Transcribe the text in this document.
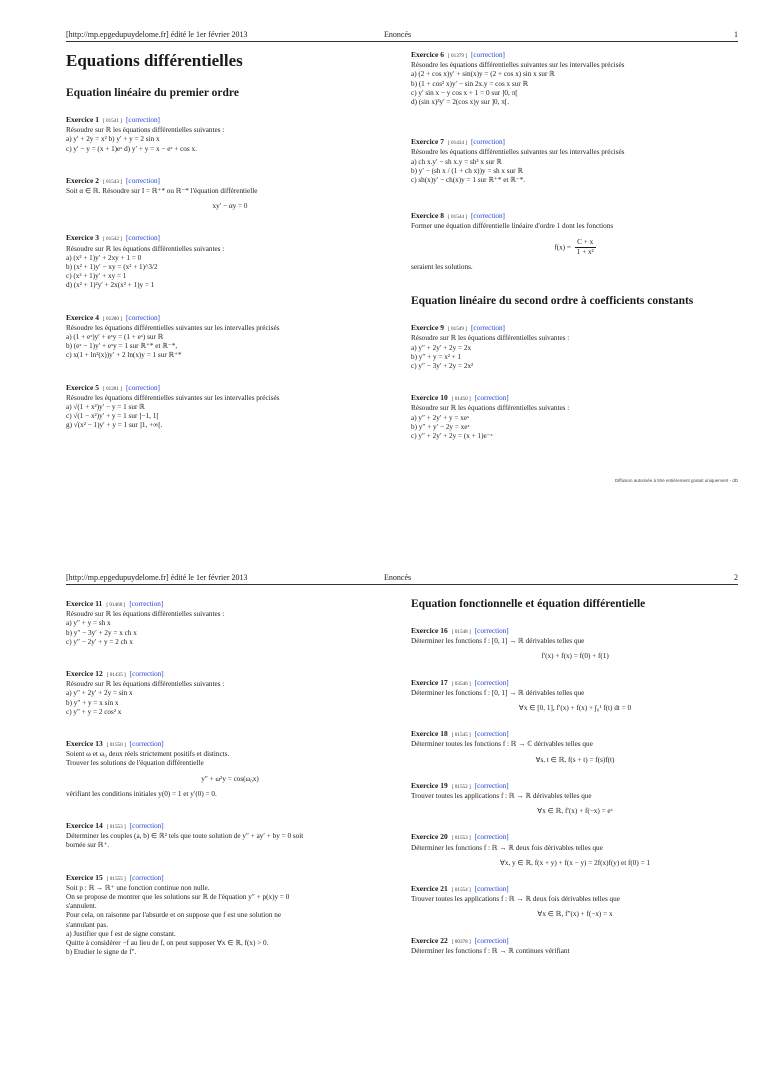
[http://mp.epgedupuydelome.fr] édité le 1er février 2013	Enoncés	1
Equations différentielles
Equation linéaire du premier ordre
Exercice 1 [ 01541 ] [correction]
Résoudre sur ℝ les équations différentielles suivantes :
a) y′ + 2y = x² b) y′ + y = 2 sin x
c) y′ − y = (x + 1)eˣ d) y′ + y = x − eˣ + cos x.
Exercice 2 [ 01543 ] [correction]
Soit α ∈ ℝ. Résoudre sur I = ℝ⁺* ou ℝ⁻* l'équation différentielle
xy′ − αy = 0
Exercice 3 [ 01542 ] [correction]
Résoudre sur ℝ les équations différentielles suivantes :
a) (x² + 1)y′ + 2xy + 1 = 0
b) (x² + 1)y′ − xy = (x² + 1)^3/2
c) (x² + 1)y′ + xy = 1
d) (x² + 1)²y′ + 2x(x² + 1)y = 1
Exercice 4 [ 01280 ] [correction]
Résoudre les équations différentielles suivantes sur les intervalles précisés
a) (1 + eˣ)y′ + eˣy = (1 + eˣ) sur ℝ
b) (eˣ − 1)y′ + eˣy = 1 sur ℝ⁺* et ℝ⁻*,
c) x(1 + ln²(x))y′ + 2 ln(x)y = 1 sur ℝ⁺*
Exercice 5 [ 01281 ] [correction]
Résoudre les équations différentielles suivantes sur les intervalles précisés
a) √(1 + x²)y′ − y = 1 sur ℝ
c) √(1 − x²)y′ + y = 1 sur ]−1, 1[
g) √(x² − 1)y′ + y = 1 sur ]1, +∞[.
Exercice 6 [ 01379 ] [correction]
Résoudre les équations différentielles suivantes sur les intervalles précisés
a) (2 + cos x)y′ + sin(x)y = (2 + cos x) sin x sur ℝ
b) (1 + cos² x)y′ − sin 2x.y = cos x sur ℝ
c) y′ sin x − y cos x + 1 = 0 sur ]0, π[
d) (sin x)³y′ = 2(cos x)y sur ]0, π[.
Exercice 7 [ 01434 ] [correction]
Résoudre les équations différentielles suivantes sur les intervalles précisés
a) ch x.y′ − sh x.y = sh³ x sur ℝ
b) y′ − (sh x / (1 + ch x))y = sh x sur ℝ
c) sh(x)y′ − ch(x)y = 1 sur ℝ⁺* et ℝ⁻*.
Exercice 8 [ 01544 ] [correction]
Former une équation différentielle linéaire d'ordre 1 dont les fonctions
$f(x) = \frac{C + x}{\text{1 + x²}}$
seraient les solutions.
Equation linéaire du second ordre à coefficients constants
Exercice 9 [ 01549 ] [correction]
Résoudre sur ℝ les équations différentielles suivantes :
a) y″ + 2y′ + 2y = 2x
b) y″ + y = x² + 1
c) y″ − 3y′ + 2y = 2x²
Exercice 10 [ 01450 ] [correction]
Résoudre sur ℝ les équations différentielles suivantes :
a) y″ + 2y′ + y = xeˣ
b) y″ + y′ − 2y = xeˣ
c) y″ + 2y′ + 2y = (x + 1)e⁻ˣ
Diffusion autorisée à titre entièrement gratuit uniquement - dD
[http://mp.epgedupuydelome.fr] édité le 1er février 2013	Enoncés	2
Exercice 11 [ 01460 ] [correction]
Résoudre sur ℝ les équations différentielles suivantes :
a) y″ + y = sh x
b) y″ − 3y′ + 2y = x ch x
c) y″ − 2y′ + y = 2 ch x
Exercice 12 [ 01435 ] [correction]
Résoudre sur ℝ les équations différentielles suivantes :
a) y″ + 2y′ + 2y = sin x
b) y″ + y = x sin x
c) y″ + y = 2 cos² x
Exercice 13 [ 01550 ] [correction]
Soient ω et ω₀ deux réels strictement positifs et distincts.
Trouver les solutions de l'équation différentielle
y″ + ω²y = cos(ω₀x)
vérifiant les conditions initiales y(0) = 1 et y′(0) = 0.
Exercice 14 [ 01553 ] [correction]
Déterminer les couples (a, b) ∈ ℝ² tels que toute solution de y″ + ay′ + by = 0 soit
bornée sur ℝ⁺.
Exercice 15 [ 01555 ] [correction]
Soit p : ℝ → ℝ⁺ une fonction continue non nulle.
On se propose de montrer que les solutions sur ℝ de l'équation y″ + p(x)y = 0
s'annulent.
Pour cela, on raisonne par l'absurde et on suppose que f est une solution ne
s'annulant pas.
a) Justifier que f est de signe constant.
Quitte à considérer −f au lieu de f, on peut supposer ∀x ∈ ℝ, f(x) > 0.
b) Etudier le signe de f″.
Equation fonctionnelle et équation différentielle
Exercice 16 [ 01548 ] [correction]
Déterminer les fonctions f : [0, 1] → ℝ dérivables telles que
f′(x) + f(x) = f(0) + f(1)
Exercice 17 [ 03546 ] [correction]
Déterminer les fonctions f : [0, 1] → ℝ dérivables telles que
∀x ∈ [0, 1], f′(x) + f(x) + ∫₀¹ f(t) dt = 0
Exercice 18 [ 01545 ] [correction]
Déterminer toutes les fonctions f : ℝ → ℂ dérivables telles que
∀s, t ∈ ℝ, f(s + t) = f(s)f(t)
Exercice 19 [ 01552 ] [correction]
Trouver toutes les applications f : ℝ → ℝ dérivables telles que
∀x ∈ ℝ, f′(x) + f(−x) = eˣ
Exercice 20 [ 01553 ] [correction]
Déterminer les fonctions f : ℝ → ℝ deux fois dérivables telles que
∀x, y ∈ ℝ, f(x + y) + f(x − y) = 2f(x)f(y) et f(0) = 1
Exercice 21 [ 01554 ] [correction]
Trouver toutes les applications f : ℝ → ℝ deux fois dérivables telles que
∀x ∈ ℝ, f″(x) + f(−x) = x
Exercice 22 [ 00378 ] [correction]
Déterminer les fonctions f : ℝ → ℝ continues vérifiant
